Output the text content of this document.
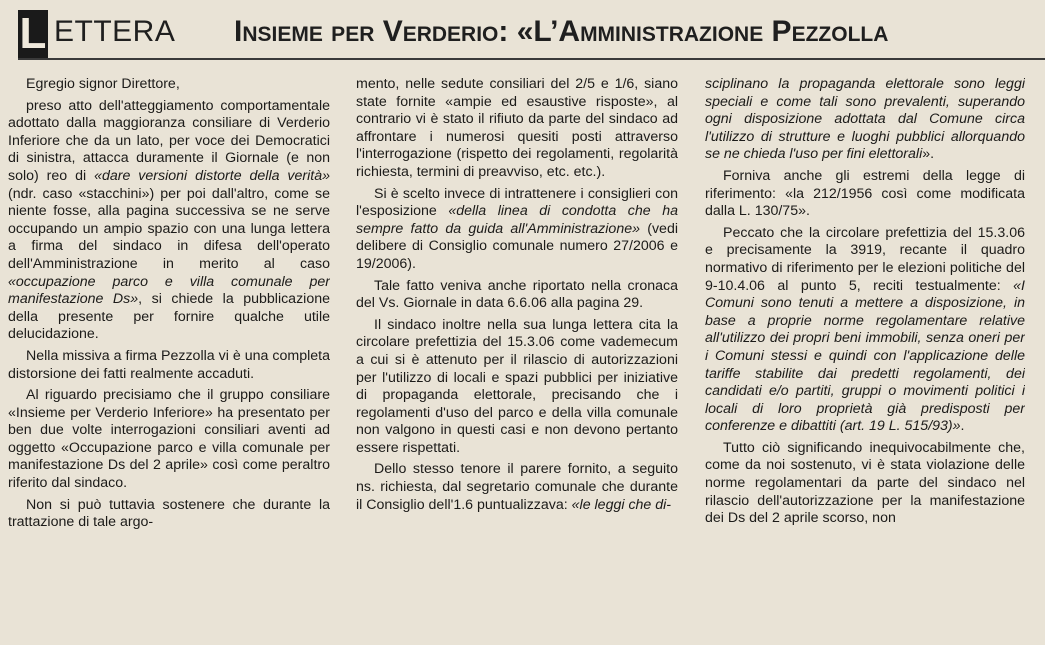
L ETTERA Insieme per Verderio: «L’Amministrazione Pezzolla

Egregio signor Direttore,

preso atto dell'atteggiamento comportamentale adottato dalla maggioranza consiliare di Verderio Inferiore che da un lato, per voce dei Democratici di sinistra, attacca duramente il Giornale (e non solo) reo di «dare versioni distorte della verità» (ndr. caso «stacchini») per poi dall'altro, come se niente fosse, alla pagina successiva se ne serve occupando un ampio spazio con una lunga lettera a firma del sindaco in difesa dell'operato dell'Amministrazione in merito al caso «occupazione parco e villa comunale per manifestazione Ds», si chiede la pubblicazione della presente per fornire qualche utile delucidazione.

Nella missiva a firma Pezzolla vi è una completa distorsione dei fatti realmente accaduti.

Al riguardo precisiamo che il gruppo consiliare «Insieme per Verderio Inferiore» ha presentato per ben due volte interrogazioni consiliari aventi ad oggetto «Occupazione parco e villa comunale per manifestazione Ds del 2 aprile» così come peraltro riferito dal sindaco.

Non si può tuttavia sostenere che durante la trattazione di tale argo-

mento, nelle sedute consiliari del 2/5 e 1/6, siano state fornite «ampie ed esaustive risposte», al contrario vi è stato il rifiuto da parte del sindaco ad affrontare i numerosi quesiti posti attraverso l'interrogazione (rispetto dei regolamenti, regolarità richiesta, termini di preavviso, etc. etc.).

Si è scelto invece di intrattenere i consiglieri con l'esposizione «della linea di condotta che ha sempre fatto da guida all'Amministrazione» (vedi delibere di Consiglio comunale numero 27/2006 e 19/2006).

Tale fatto veniva anche riportato nella cronaca del Vs. Giornale in data 6.6.06 alla pagina 29.

Il sindaco inoltre nella sua lunga lettera cita la circolare prefettizia del 15.3.06 come vademecum a cui si è attenuto per il rilascio di autorizzazioni per l'utilizzo di locali e spazi pubblici per iniziative di propaganda elettorale, precisando che i regolamenti d'uso del parco e della villa comunale non valgono in questi casi e non devono pertanto essere rispettati.

Dello stesso tenore il parere fornito, a seguito ns. richiesta, dal segretario comunale che durante il Consiglio dell'1.6 puntualizzava: «le leggi che di-

sciplinano la propaganda elettorale sono leggi speciali e come tali sono prevalenti, superando ogni disposizione adottata dal Comune circa l'utilizzo di strutture e luoghi pubblici allorquando se ne chieda l'uso per fini elettorali».

Forniva anche gli estremi della legge di riferimento: «la 212/1956 così come modificata dalla L. 130/75».

Peccato che la circolare prefettizia del 15.3.06 e precisamente la 3919, recante il quadro normativo di riferimento per le elezioni politiche del 9-10.4.06 al punto 5, reciti testualmente: «I Comuni sono tenuti a mettere a disposizione, in base a proprie norme regolamentare relative all'utilizzo dei propri beni immobili, senza oneri per i Comuni stessi e quindi con l'applicazione delle tariffe stabilite dai predetti regolamenti, dei candidati e/o partiti, gruppi o movimenti politici i locali di loro proprietà già predisposti per conferenze e dibattiti (art. 19 L. 515/93)».

Tutto ciò significando inequivocabilmente che, come da noi sostenuto, vi è stata violazione delle norme regolamentari da parte del sindaco nel rilascio dell'autorizzazione per la manifestazione dei Ds del 2 aprile scorso, non
